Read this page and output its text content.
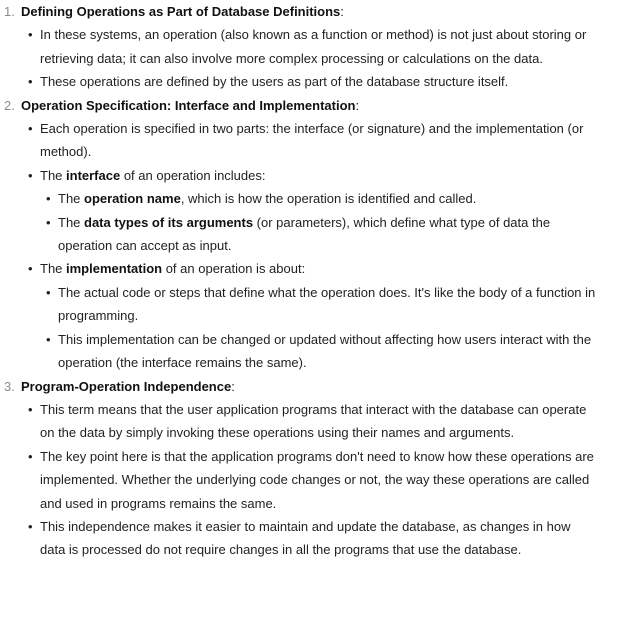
1. Defining Operations as Part of Database Definitions:
• In these systems, an operation (also known as a function or method) is not just about storing or retrieving data; it can also involve more complex processing or calculations on the data.
• These operations are defined by the users as part of the database structure itself.
2. Operation Specification: Interface and Implementation:
• Each operation is specified in two parts: the interface (or signature) and the implementation (or method).
• The interface of an operation includes:
• The operation name, which is how the operation is identified and called.
• The data types of its arguments (or parameters), which define what type of data the operation can accept as input.
• The implementation of an operation is about:
• The actual code or steps that define what the operation does. It's like the body of a function in programming.
• This implementation can be changed or updated without affecting how users interact with the operation (the interface remains the same).
3. Program-Operation Independence:
• This term means that the user application programs that interact with the database can operate on the data by simply invoking these operations using their names and arguments.
• The key point here is that the application programs don't need to know how these operations are implemented. Whether the underlying code changes or not, the way these operations are called and used in programs remains the same.
• This independence makes it easier to maintain and update the database, as changes in how data is processed do not require changes in all the programs that use the database.
